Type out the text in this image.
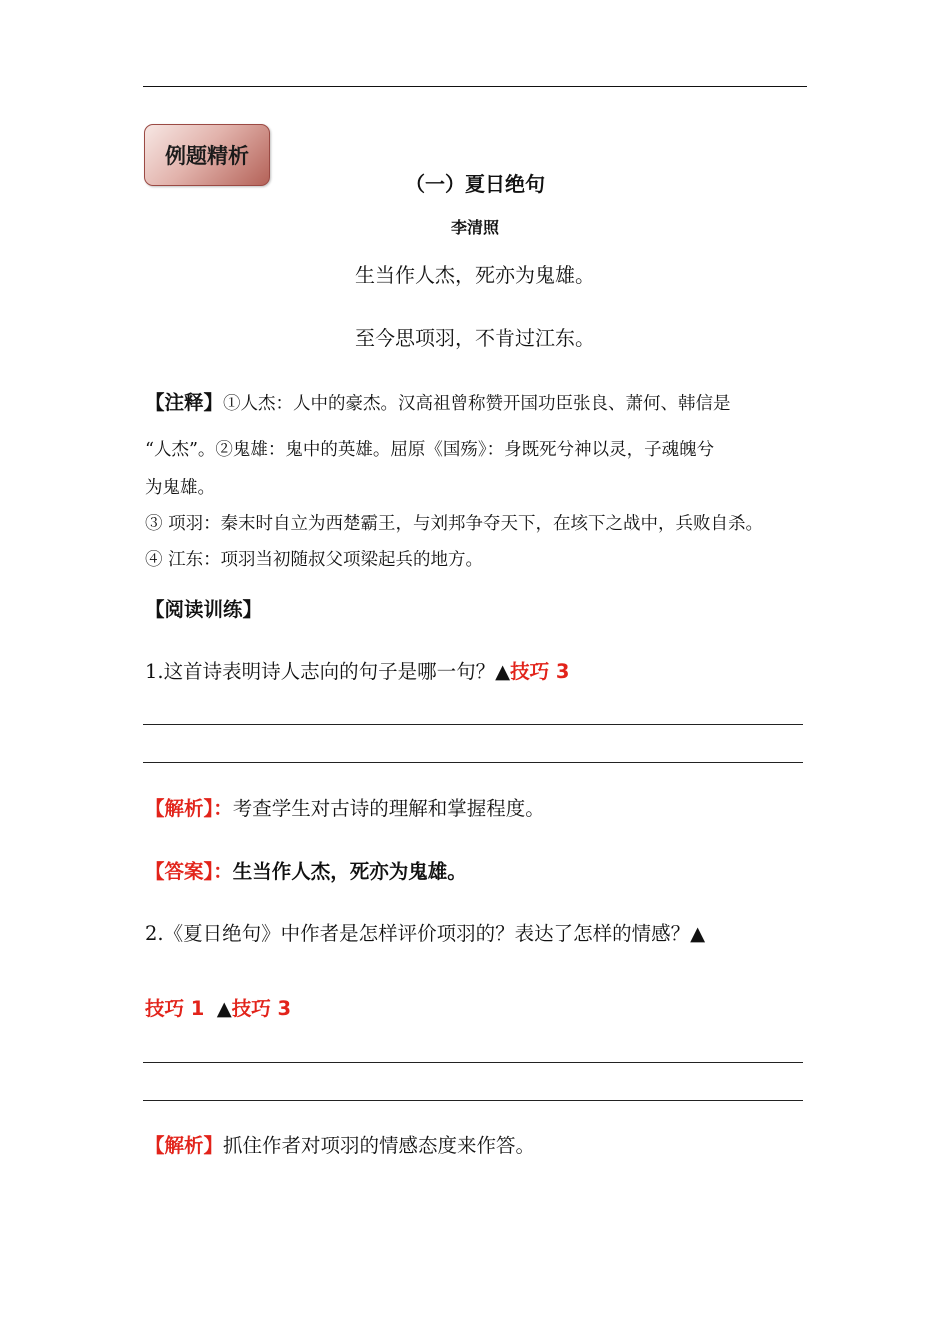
例题精析
（一）夏日绝句
李清照
生当作人杰，死亦为鬼雄。
至今思项羽，不肯过江东。
【注释】①人杰：人中的豪杰。汉高祖曾称赞开国功臣张良、萧何、韩信是
“人杰”。②鬼雄：鬼中的英雄。屈原《国殇》：身既死兮神以灵，子魂魄兮
为鬼雄。
③ 项羽：秦末时自立为西楚霸王，与刘邦争夺天下，在垓下之战中，兵败自杀。
④ 江东：项羽当初随叔父项梁起兵的地方。
【阅读训练】
1.这首诗表明诗人志向的句子是哪一句？▲技巧 3
【解析】：考查学生对古诗的理解和掌握程度。
【答案】：生当作人杰，死亦为鬼雄。
2.《夏日绝句》中作者是怎样评价项羽的？表达了怎样的情感？▲
技巧 1 ▲技巧 3
【解析】抓住作者对项羽的情感态度来作答。
